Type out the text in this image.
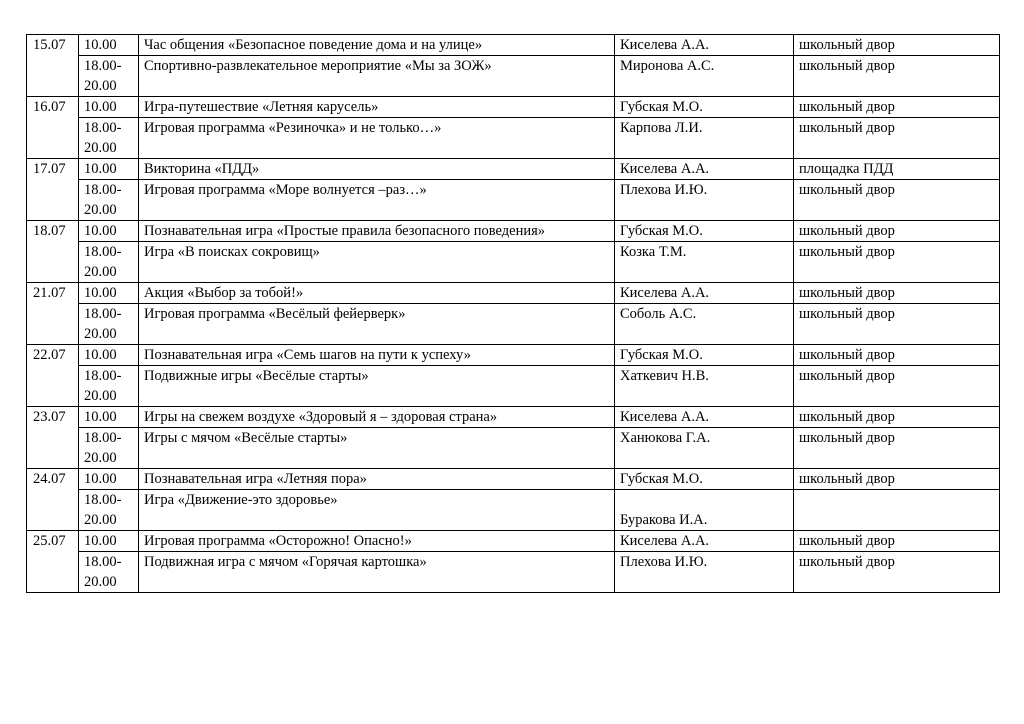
15.07	10.00	Час общения «Безопасное поведение дома и на улице»	Киселева А.А.	школьный двор
	18.00-20.00	Спортивно-развлекательное мероприятие «Мы за ЗОЖ»	Миронова А.С.	школьный двор
16.07	10.00	Игра-путешествие «Летняя карусель»	Губская М.О.	школьный двор
	18.00-20.00	Игровая программа «Резиночка» и не только…»	Карпова Л.И.	школьный двор
17.07	10.00	Викторина «ПДД»	Киселева А.А.	площадка ПДД
	18.00-20.00	Игровая программа «Море волнуется –раз…»	Плехова И.Ю.	школьный двор
18.07	10.00	Познавательная игра «Простые правила безопасного поведения»	Губская М.О.	школьный двор
	18.00-20.00	Игра «В поисках сокровищ»	Козка Т.М.	школьный двор
21.07	10.00	Акция «Выбор за тобой!»	Киселева А.А.	школьный двор
	18.00-20.00	Игровая программа «Весёлый фейерверк»	Соболь А.С.	школьный двор
22.07	10.00	Познавательная игра «Семь шагов на пути к успеху»	Губская М.О.	школьный двор
	18.00-20.00	Подвижные игры «Весёлые старты»	Хаткевич Н.В.	школьный двор
23.07	10.00	Игры на свежем воздухе «Здоровый я – здоровая страна»	Киселева А.А.	школьный двор
	18.00-20.00	Игры с мячом «Весёлые старты»	Ханюкова Г.А.	школьный двор
24.07	10.00	Познавательная игра «Летняя пора»	Губская М.О.	школьный двор
	18.00-20.00	Игра «Движение-это здоровье»	Буракова И.А.	
25.07	10.00	Игровая программа «Осторожно! Опасно!»	Киселева А.А.	школьный двор
	18.00-20.00	Подвижная игра с мячом «Горячая картошка»	Плехова И.Ю.	школьный двор
